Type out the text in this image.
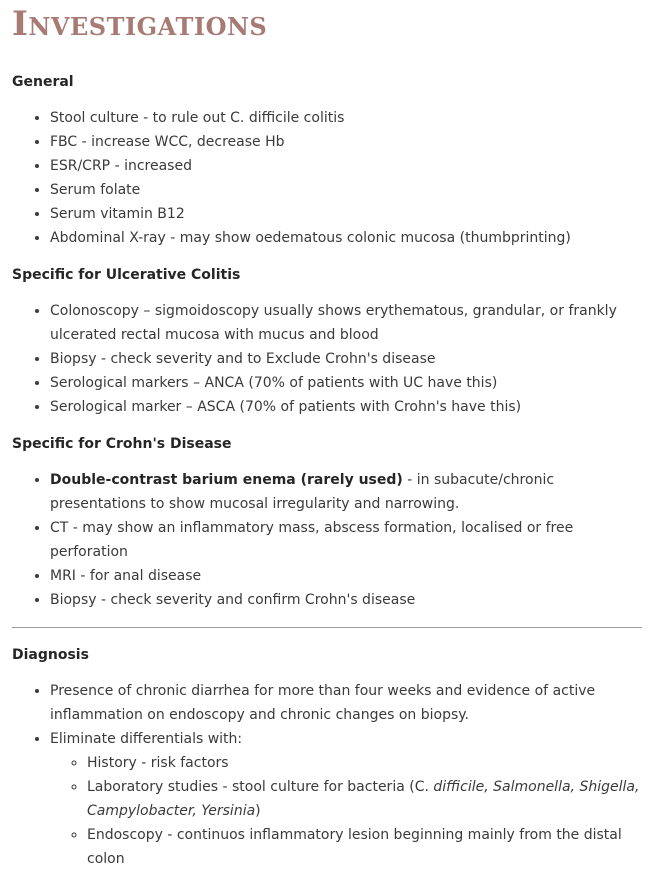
Investigations
General
• Stool culture - to rule out C. difficile colitis
• FBC - increase WCC, decrease Hb
• ESR/CRP - increased
• Serum folate
• Serum vitamin B12
• Abdominal X-ray - may show oedematous colonic mucosa (thumbprinting)
Specific for Ulcerative Colitis
• Colonoscopy – sigmoidoscopy usually shows erythematous, grandular, or frankly ulcerated rectal mucosa with mucus and blood
• Biopsy - check severity and to Exclude Crohn's disease
• Serological markers – ANCA (70% of patients with UC have this)
• Serological marker – ASCA (70% of patients with Crohn's have this)
Specific for Crohn's Disease
• Double-contrast barium enema (rarely used) - in subacute/chronic presentations to show mucosal irregularity and narrowing.
• CT - may show an inflammatory mass, abscess formation, localised or free perforation
• MRI - for anal disease
• Biopsy - check severity and confirm Crohn's disease
Diagnosis
• Presence of chronic diarrhea for more than four weeks and evidence of active inflammation on endoscopy and chronic changes on biopsy.
• Eliminate differentials with:
◦ History - risk factors
◦ Laboratory studies - stool culture for bacteria (C. difficile, Salmonella, Shigella, Campylobacter, Yersinia)
◦ Endoscopy - continuos inflammatory lesion beginning mainly from the distal colon
